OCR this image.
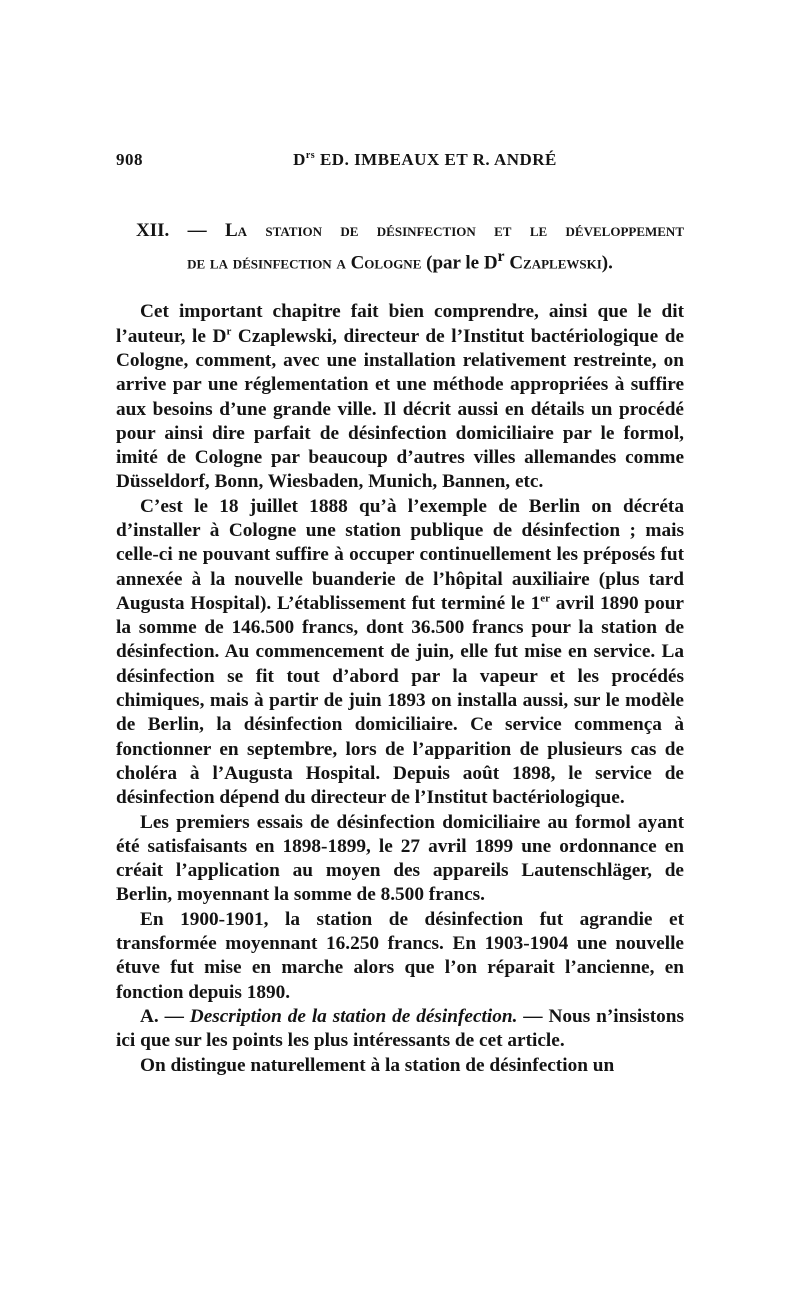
908	$D^{rs}$ ED. IMBEAUX ET R. ANDRÉ
XII. — La station de désinfection et le développement
de la désinfection a Cologne (par le $D^r$ Czaplewski).

Cet important chapitre fait bien comprendre, ainsi que le dit l’auteur, le $D^r$ Czaplewski, directeur de l’Institut bactériologique de Cologne, comment, avec une installation relativement restreinte, on arrive par une réglementation et une méthode appropriées à suffire aux besoins d’une grande ville. Il décrit aussi en détails un procédé pour ainsi dire parfait de désinfection domiciliaire par le formol, imité de Cologne par beaucoup d’autres villes allemandes comme Düsseldorf, Bonn, Wiesbaden, Munich, Bannen, etc.

C’est le 18 juillet 1888 qu’à l’exemple de Berlin on décréta d’installer à Cologne une station publique de désinfection ; mais celle-ci ne pouvant suffire à occuper continuellement les préposés fut annexée à la nouvelle buanderie de l’hôpital auxiliaire (plus tard Augusta Hospital). L’établissement fut terminé le 1er avril 1890 pour la somme de 146.500 francs, dont 36.500 francs pour la station de désinfection. Au commencement de juin, elle fut mise en service. La désinfection se fit tout d’abord par la vapeur et les procédés chimiques, mais à partir de juin 1893 on installa aussi, sur le modèle de Berlin, la désinfection domiciliaire. Ce service commença à fonctionner en septembre, lors de l’apparition de plusieurs cas de choléra à l’Augusta Hospital. Depuis août 1898, le service de désinfection dépend du directeur de l’Institut bactériologique.

Les premiers essais de désinfection domiciliaire au formol ayant été satisfaisants en 1898-1899, le 27 avril 1899 une ordonnance en créait l’application au moyen des appareils Lautenschläger, de Berlin, moyennant la somme de 8.500 francs.

En 1900-1901, la station de désinfection fut agrandie et transformée moyennant 16.250 francs. En 1903-1904 une nouvelle étuve fut mise en marche alors que l’on réparait l’ancienne, en fonction depuis 1890.

A. — Description de la station de désinfection. — Nous n’insistons ici que sur les points les plus intéressants de cet article.

On distingue naturellement à la station de désinfection un
